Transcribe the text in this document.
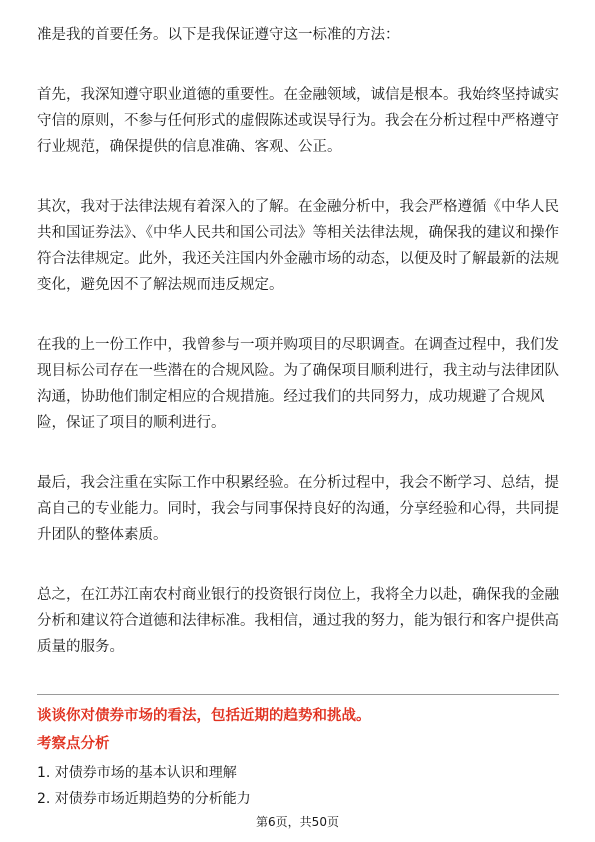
准是我的首要任务。以下是我保证遵守这一标准的方法：

首先，我深知遵守职业道德的重要性。在金融领域，诚信是根本。我始终坚持诚实守信的原则，不参与任何形式的虚假陈述或误导行为。我会在分析过程中严格遵守行业规范，确保提供的信息准确、客观、公正。

其次，我对于法律法规有着深入的了解。在金融分析中，我会严格遵循《中华人民共和国证券法》、《中华人民共和国公司法》等相关法律法规，确保我的建议和操作符合法律规定。此外，我还关注国内外金融市场的动态，以便及时了解最新的法规变化，避免因不了解法规而违反规定。

在我的上一份工作中，我曾参与一项并购项目的尽职调查。在调查过程中，我们发现目标公司存在一些潜在的合规风险。为了确保项目顺利进行，我主动与法律团队沟通，协助他们制定相应的合规措施。经过我们的共同努力，成功规避了合规风险，保证了项目的顺利进行。

最后，我会注重在实际工作中积累经验。在分析过程中，我会不断学习、总结，提高自己的专业能力。同时，我会与同事保持良好的沟通，分享经验和心得，共同提升团队的整体素质。

总之，在江苏江南农村商业银行的投资银行岗位上，我将全力以赴，确保我的金融分析和建议符合道德和法律标准。我相信，通过我的努力，能为银行和客户提供高质量的服务。

谈谈你对债券市场的看法，包括近期的趋势和挑战。

考察点分析

1. 对债券市场的基本认识和理解
2. 对债券市场近期趋势的分析能力
第6页，共50页
